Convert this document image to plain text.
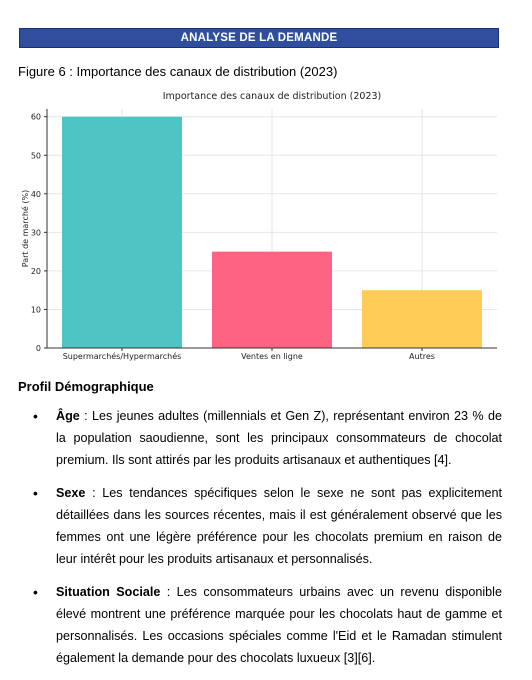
ANALYSE DE LA DEMANDE
Figure 6 : Importance des canaux de distribution (2023)
0
10
20
30
40
50
60
Supermarchés/Hypermarchés	Ventes en ligne	Autres
Importance des canaux de distribution (2023)
Part de marché (%)
Profil Démographique
• Âge : Les jeunes adultes (millennials et Gen Z), représentant environ 23 % de la population saoudienne, sont les principaux consommateurs de chocolat premium. Ils sont attirés par les produits artisanaux et authentiques [4].
• Sexe : Les tendances spécifiques selon le sexe ne sont pas explicitement détaillées dans les sources récentes, mais il est généralement observé que les femmes ont une légère préférence pour les chocolats premium en raison de leur intérêt pour les produits artisanaux et personnalisés.
• Situation Sociale : Les consommateurs urbains avec un revenu disponible élevé montrent une préférence marquée pour les chocolats haut de gamme et personnalisés. Les occasions spéciales comme l'Eid et le Ramadan stimulent également la demande pour des chocolats luxueux [3][6].
